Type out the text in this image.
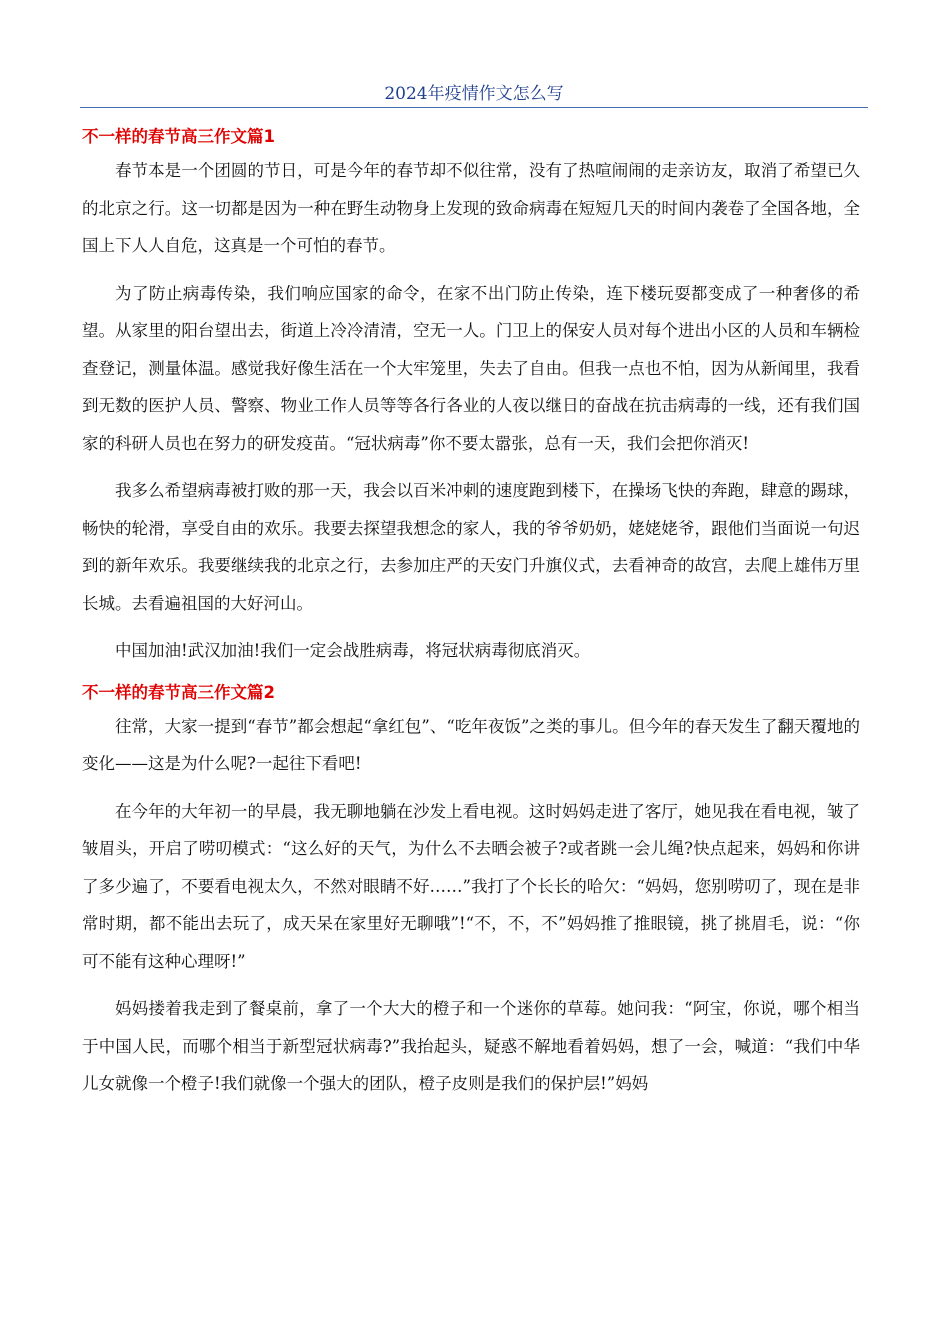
2024年疫情作文怎么写
不一样的春节高三作文篇1

春节本是一个团圆的节日，可是今年的春节却不似往常，没有了热喧闹闹的走亲访友，取消了希望已久的北京之行。这一切都是因为一种在野生动物身上发现的致命病毒在短短几天的时间内袭卷了全国各地，全国上下人人自危，这真是一个可怕的春节。

为了防止病毒传染，我们响应国家的命令，在家不出门防止传染，连下楼玩耍都变成了一种奢侈的希望。从家里的阳台望出去，街道上冷冷清清，空无一人。门卫上的保安人员对每个进出小区的人员和车辆检查登记，测量体温。感觉我好像生活在一个大牢笼里，失去了自由。但我一点也不怕，因为从新闻里，我看到无数的医护人员、警察、物业工作人员等等各行各业的人夜以继日的奋战在抗击病毒的一线，还有我们国家的科研人员也在努力的研发疫苗。“冠状病毒”你不要太嚣张，总有一天，我们会把你消灭!

我多么希望病毒被打败的那一天，我会以百米冲刺的速度跑到楼下，在操场飞快的奔跑，肆意的踢球，畅快的轮滑，享受自由的欢乐。我要去探望我想念的家人，我的爷爷奶奶，姥姥姥爷，跟他们当面说一句迟到的新年欢乐。我要继续我的北京之行，去参加庄严的天安门升旗仪式，去看神奇的故宫，去爬上雄伟万里长城。去看遍祖国的大好河山。

中国加油!武汉加油!我们一定会战胜病毒，将冠状病毒彻底消灭。

不一样的春节高三作文篇2

往常，大家一提到“春节”都会想起“拿红包”、“吃年夜饭”之类的事儿。但今年的春天发生了翻天覆地的变化——这是为什么呢?一起往下看吧!

在今年的大年初一的早晨，我无聊地躺在沙发上看电视。这时妈妈走进了客厅，她见我在看电视，皱了皱眉头，开启了唠叨模式：“这么好的天气，为什么不去晒会被子?或者跳一会儿绳?快点起来，妈妈和你讲了多少遍了，不要看电视太久，不然对眼睛不好……”我打了个长长的哈欠：“妈妈，您别唠叨了，现在是非常时期，都不能出去玩了，成天呆在家里好无聊哦”!“不，不，不”妈妈推了推眼镜，挑了挑眉毛，说：“你可不能有这种心理呀!”

妈妈搂着我走到了餐桌前，拿了一个大大的橙子和一个迷你的草莓。她问我：“阿宝，你说，哪个相当于中国人民，而哪个相当于新型冠状病毒?”我抬起头，疑惑不解地看着妈妈，想了一会，喊道：“我们中华儿女就像一个橙子!我们就像一个强大的团队，橙子皮则是我们的保护层!”妈妈
